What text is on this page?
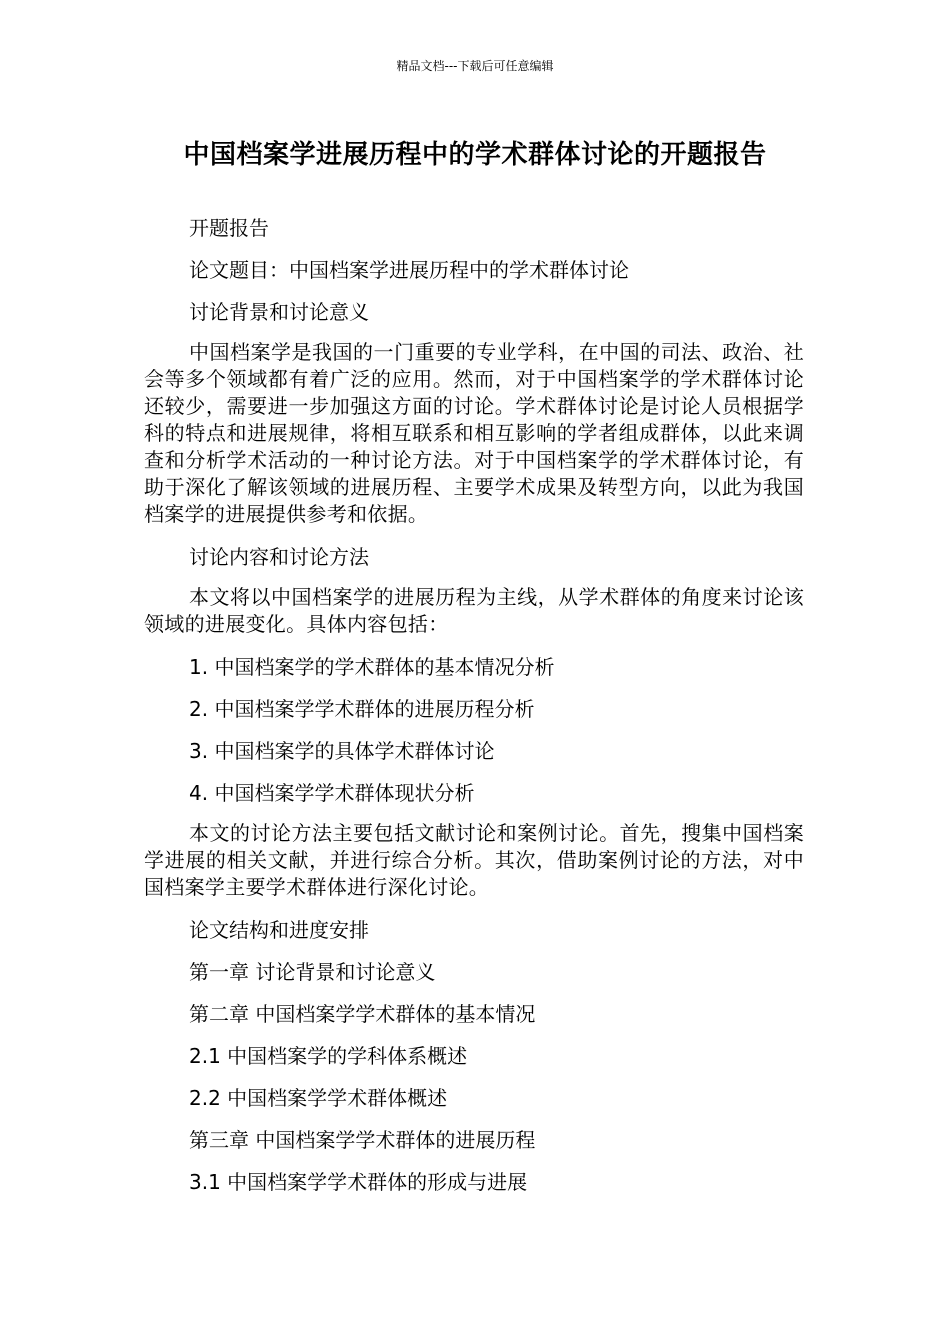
精品文档---下载后可任意编辑
中国档案学进展历程中的学术群体讨论的开题报告
开题报告
论文题目：中国档案学进展历程中的学术群体讨论
讨论背景和讨论意义
中国档案学是我国的一门重要的专业学科，在中国的司法、政治、社会等多个领域都有着广泛的应用。然而，对于中国档案学的学术群体讨论还较少，需要进一步加强这方面的讨论。学术群体讨论是讨论人员根据学科的特点和进展规律，将相互联系和相互影响的学者组成群体，以此来调查和分析学术活动的一种讨论方法。对于中国档案学的学术群体讨论，有助于深化了解该领域的进展历程、主要学术成果及转型方向，以此为我国档案学的进展提供参考和依据。
讨论内容和讨论方法
本文将以中国档案学的进展历程为主线，从学术群体的角度来讨论该领域的进展变化。具体内容包括：
1. 中国档案学的学术群体的基本情况分析
2. 中国档案学学术群体的进展历程分析
3. 中国档案学的具体学术群体讨论
4. 中国档案学学术群体现状分析
本文的讨论方法主要包括文献讨论和案例讨论。首先，搜集中国档案学进展的相关文献，并进行综合分析。其次，借助案例讨论的方法，对中国档案学主要学术群体进行深化讨论。
论文结构和进度安排
第一章 讨论背景和讨论意义
第二章 中国档案学学术群体的基本情况
2.1 中国档案学的学科体系概述
2.2 中国档案学学术群体概述
第三章 中国档案学学术群体的进展历程
3.1 中国档案学学术群体的形成与进展
